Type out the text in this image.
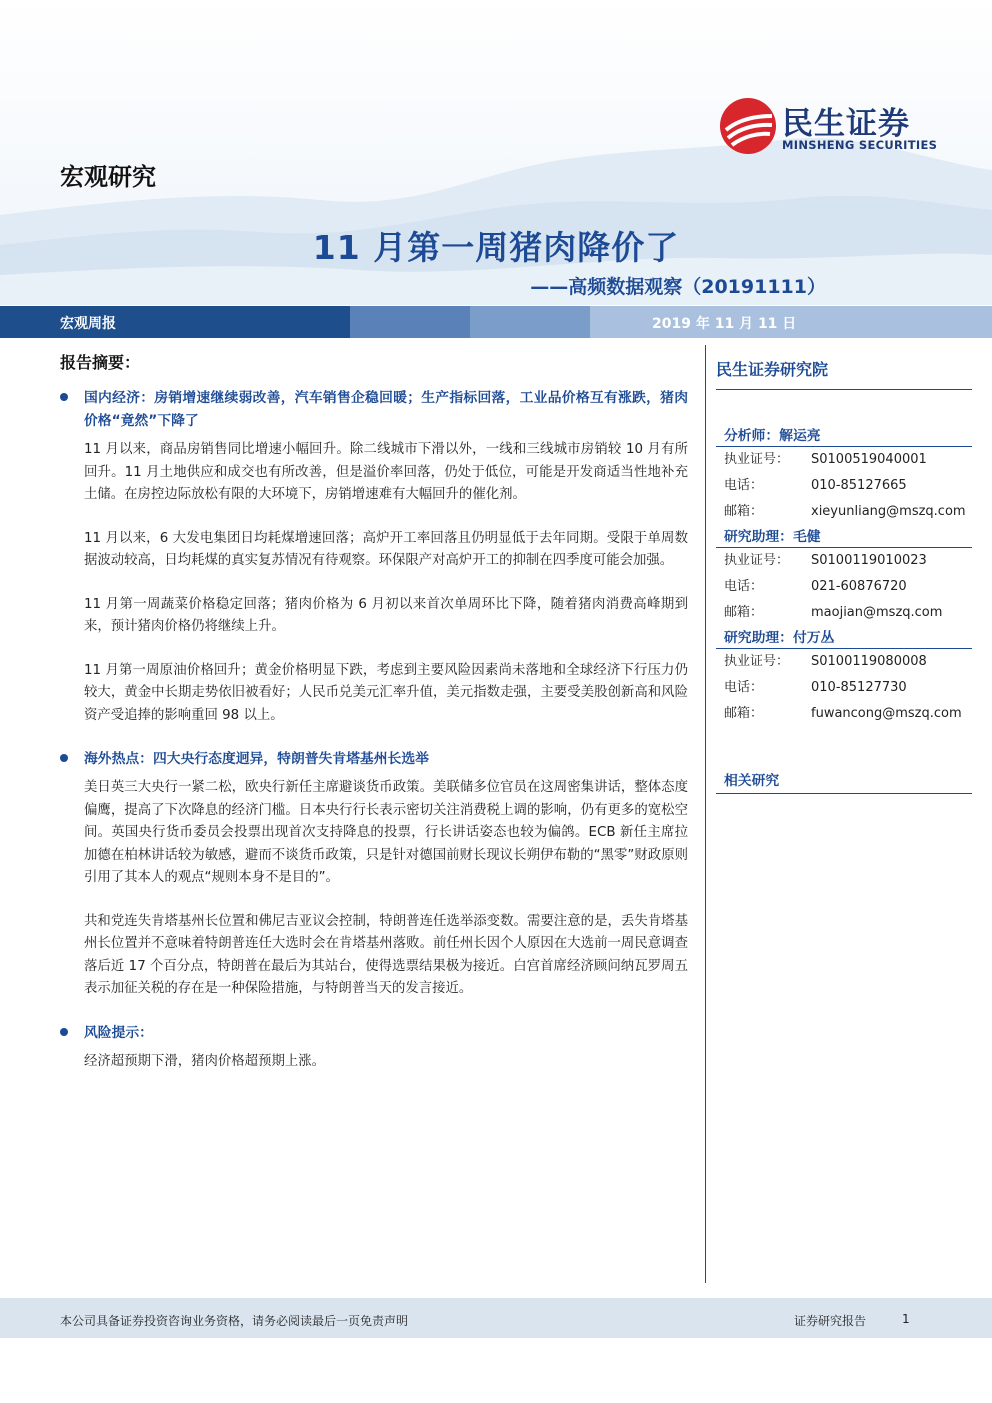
民生证券
MINSHENG SECURITIES
宏观研究
11 月第一周猪肉降价了
——高频数据观察（20191111）
宏观周报	2019 年 11 月 11 日
报告摘要：
国内经济：房销增速继续弱改善，汽车销售企稳回暖；生产指标回落，工业品价格互有涨跌，猪肉价格“竟然”下降了
11 月以来，商品房销售同比增速小幅回升。除二线城市下滑以外，一线和三线城市房销较 10 月有所回升。11 月土地供应和成交也有所改善，但是溢价率回落，仍处于低位，可能是开发商适当性地补充土储。在房控边际放松有限的大环境下，房销增速难有大幅回升的催化剂。
11 月以来，6 大发电集团日均耗煤增速回落；高炉开工率回落且仍明显低于去年同期。受限于单周数据波动较高，日均耗煤的真实复苏情况有待观察。环保限产对高炉开工的抑制在四季度可能会加强。
11 月第一周蔬菜价格稳定回落；猪肉价格为 6 月初以来首次单周环比下降，随着猪肉消费高峰期到来，预计猪肉价格仍将继续上升。
11 月第一周原油价格回升；黄金价格明显下跌，考虑到主要风险因素尚未落地和全球经济下行压力仍较大，黄金中长期走势依旧被看好；人民币兑美元汇率升值，美元指数走强，主要受美股创新高和风险资产受追捧的影响重回 98 以上。
海外热点：四大央行态度迥异，特朗普失肯塔基州长选举
美日英三大央行一紧二松，欧央行新任主席避谈货币政策。美联储多位官员在这周密集讲话，整体态度偏鹰，提高了下次降息的经济门槛。日本央行行长表示密切关注消费税上调的影响，仍有更多的宽松空间。英国央行货币委员会投票出现首次支持降息的投票，行长讲话姿态也较为偏鸽。ECB 新任主席拉加德在柏林讲话较为敏感，避而不谈货币政策，只是针对德国前财长现议长朔伊布勒的“黑零”财政原则引用了其本人的观点“规则本身不是目的”。
共和党连失肯塔基州长位置和佛尼吉亚议会控制，特朗普连任选举添变数。需要注意的是，丢失肯塔基州长位置并不意味着特朗普连任大选时会在肯塔基州落败。前任州长因个人原因在大选前一周民意调查落后近 17 个百分点，特朗普在最后为其站台，使得选票结果极为接近。白宫首席经济顾问纳瓦罗周五表示加征关税的存在是一种保险措施，与特朗普当天的发言接近。
风险提示：
经济超预期下滑，猪肉价格超预期上涨。
民生证券研究院
分析师：解运亮
执业证号：	S0100519040001
电话：	010-85127665
邮箱：	xieyunliang@mszq.com
研究助理：毛健
执业证号：	S0100119010023
电话：	021-60876720
邮箱：	maojian@mszq.com
研究助理：付万丛
执业证号：	S0100119080008
电话：	010-85127730
邮箱：	fuwancong@mszq.com
相关研究
本公司具备证券投资咨询业务资格，请务必阅读最后一页免责声明	证券研究报告	1
